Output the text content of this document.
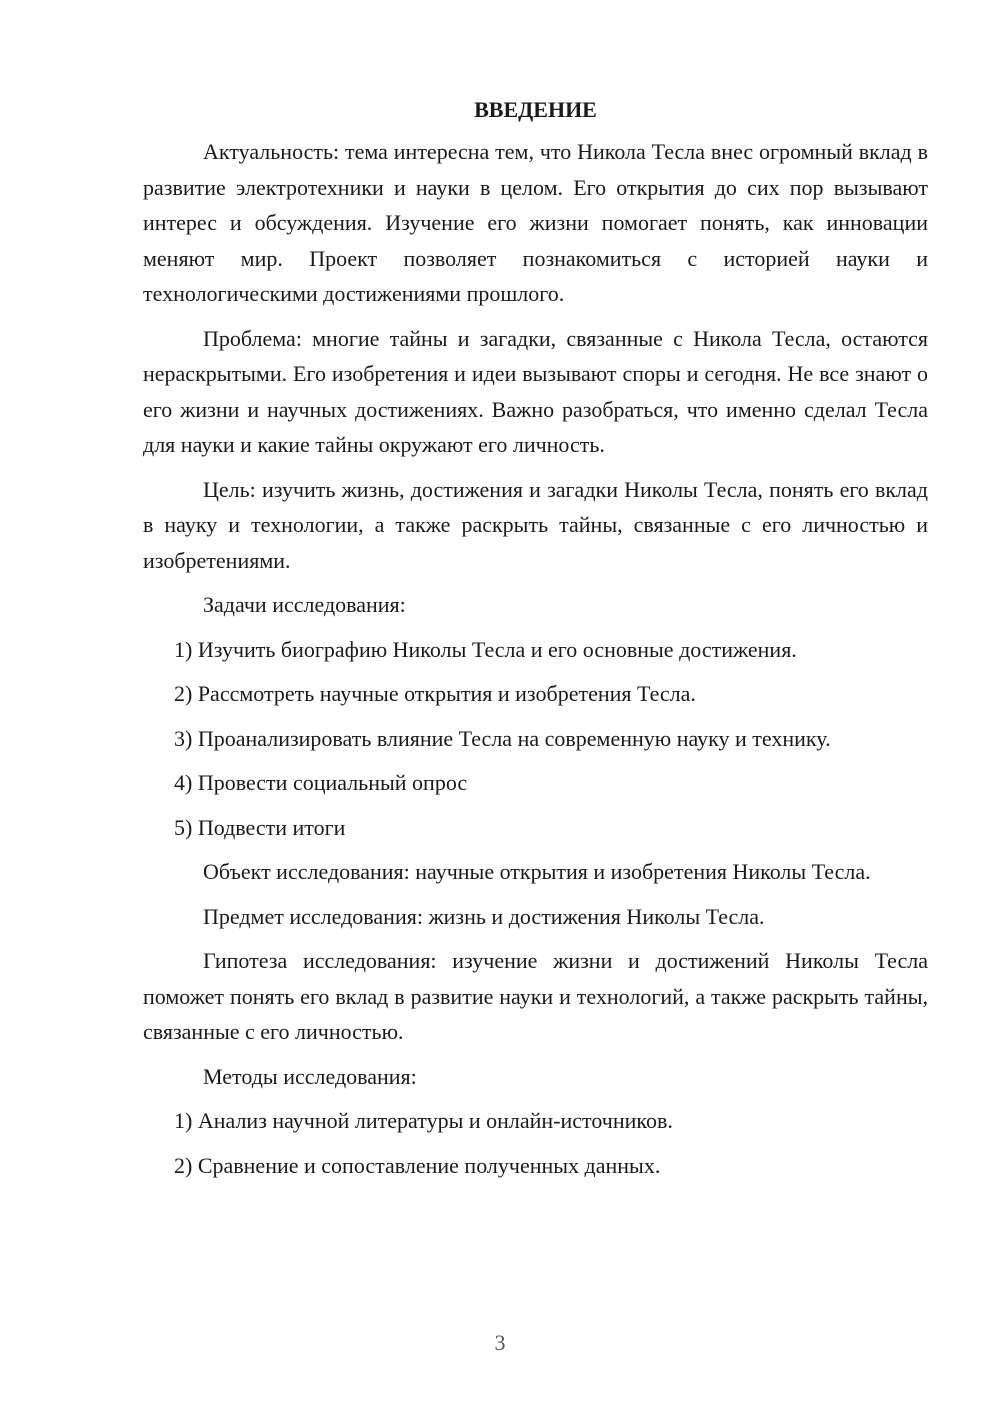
ВВЕДЕНИЕ
Актуальность: тема интересна тем, что Никола Тесла внес огромный вклад в развитие электротехники и науки в целом. Его открытия до сих пор вызывают интерес и обсуждения. Изучение его жизни помогает понять, как инновации меняют мир. Проект позволяет познакомиться с историей науки и технологическими достижениями прошлого.
Проблема: многие тайны и загадки, связанные с Никола Тесла, остаются нераскрытыми. Его изобретения и идеи вызывают споры и сегодня. Не все знают о его жизни и научных достижениях. Важно разобраться, что именно сделал Тесла для науки и какие тайны окружают его личность.
Цель: изучить жизнь, достижения и загадки Николы Тесла, понять его вклад в науку и технологии, а также раскрыть тайны, связанные с его личностью и изобретениями.
Задачи исследования:
1) Изучить биографию Николы Тесла и его основные достижения.
2) Рассмотреть научные открытия и изобретения Тесла.
3) Проанализировать влияние Тесла на современную науку и технику.
4) Провести социальный опрос
5) Подвести итоги
Объект исследования: научные открытия и изобретения Николы Тесла.
Предмет исследования: жизнь и достижения Николы Тесла.
Гипотеза исследования: изучение жизни и достижений Николы Тесла поможет понять его вклад в развитие науки и технологий, а также раскрыть тайны, связанные с его личностью.
Методы исследования:
1) Анализ научной литературы и онлайн-источников.
2) Сравнение и сопоставление полученных данных.
3
